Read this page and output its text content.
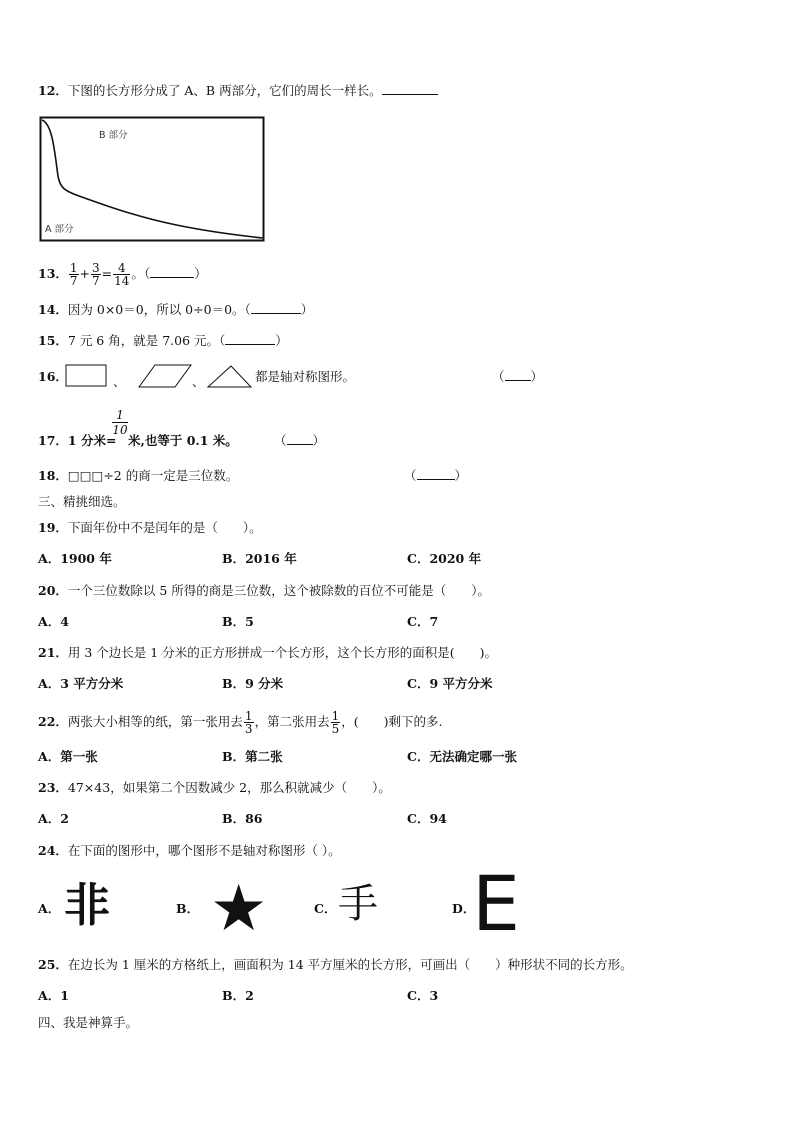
12．下图的长方形分成了 A、B 两部分，它们的周长一样长。
B 部分
A 部分
13． $\frac{1}{7} + \frac{3}{7} = \frac{4}{14}$ 。（	）
14．因为 0×0＝0，所以 0÷0＝0。（	）
15．7 元 6 角，就是 7.06 元。（	）
16．	、	、	都是轴对称图形。	（ ）
17．1 分米=
1
10
米,也等于 0.1 米。	（ ）
18．□□□÷2 的商一定是三位数。	（	）
三、精挑细选。
19．下面年份中不是闰年的是（　　）。
A．1900 年	B．2016 年	C．2020 年
20．一个三位数除以 5 所得的商是三位数，这个被除数的百位不可能是（　　）。
A．4	B．5	C．7
21．用 3 个边长是 1 分米的正方形拼成一个长方形，这个长方形的面积是(　　)。
A．3 平方分米	B．9 分米	C．9 平方分米
22．两张大小相等的纸，第一张用去 $\frac{1}{3}$ ，第二张用去 $\frac{1}{5}$ ，(　　)剩下的多.
A．第一张	B．第二张	C．无法确定哪一张
23．47×43，如果第二个因数减少 2，那么积就减少（　　）。
A．2	B．86	C．94
24．在下面的图形中，哪个图形不是轴对称图形（ ）。
A． 非	B． ★	C． 手	D．
E
25．在边长为 1 厘米的方格纸上，画面积为 14 平方厘米的长方形，可画出（　　）种形状不同的长方形。
A．1	B．2	C．3
四、我是神算手。
